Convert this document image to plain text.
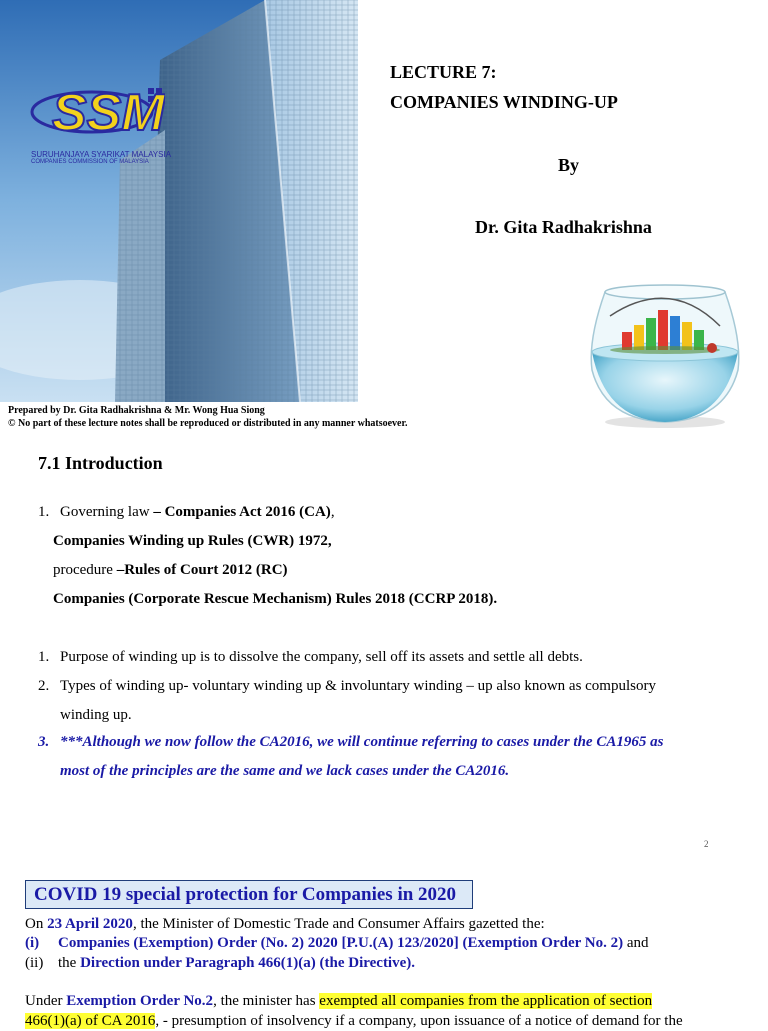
SSM
SURUHANJAYA SYARIKAT MALAYSIA
COMPANIES COMMISSION OF MALAYSIA
LECTURE 7:
COMPANIES WINDING-UP
By
Dr. Gita Radhakrishna
Prepared by Dr. Gita Radhakrishna & Mr. Wong Hua Siong
© No part of these lecture notes shall be reproduced or distributed in any manner whatsoever.
7.1 Introduction
1. Governing law – Companies Act 2016 (CA),
Companies Winding up Rules (CWR) 1972,
procedure –Rules of Court 2012 (RC)
Companies (Corporate Rescue Mechanism) Rules 2018 (CCRP 2018).
1. Purpose of winding up is to dissolve the company, sell off its assets and settle all debts.
2. Types of winding up- voluntary winding up & involuntary winding – up also known as compulsory
winding up.
3. ***Although we now follow the CA2016, we will continue referring to cases under the CA1965 as
most of the principles are the same and we lack cases under the CA2016.
2
COVID 19 special protection for Companies in 2020
On 23 April 2020, the Minister of Domestic Trade and Consumer Affairs gazetted the:
(i) Companies (Exemption) Order (No. 2) 2020 [P.U.(A) 123/2020] (Exemption Order No. 2) and
(ii) the Direction under Paragraph 466(1)(a) (the Directive).
Under Exemption Order No.2, the minister has exempted all companies from the application of section
466(1)(a) of CA 2016, - presumption of insolvency if a company, upon issuance of a notice of demand for the
